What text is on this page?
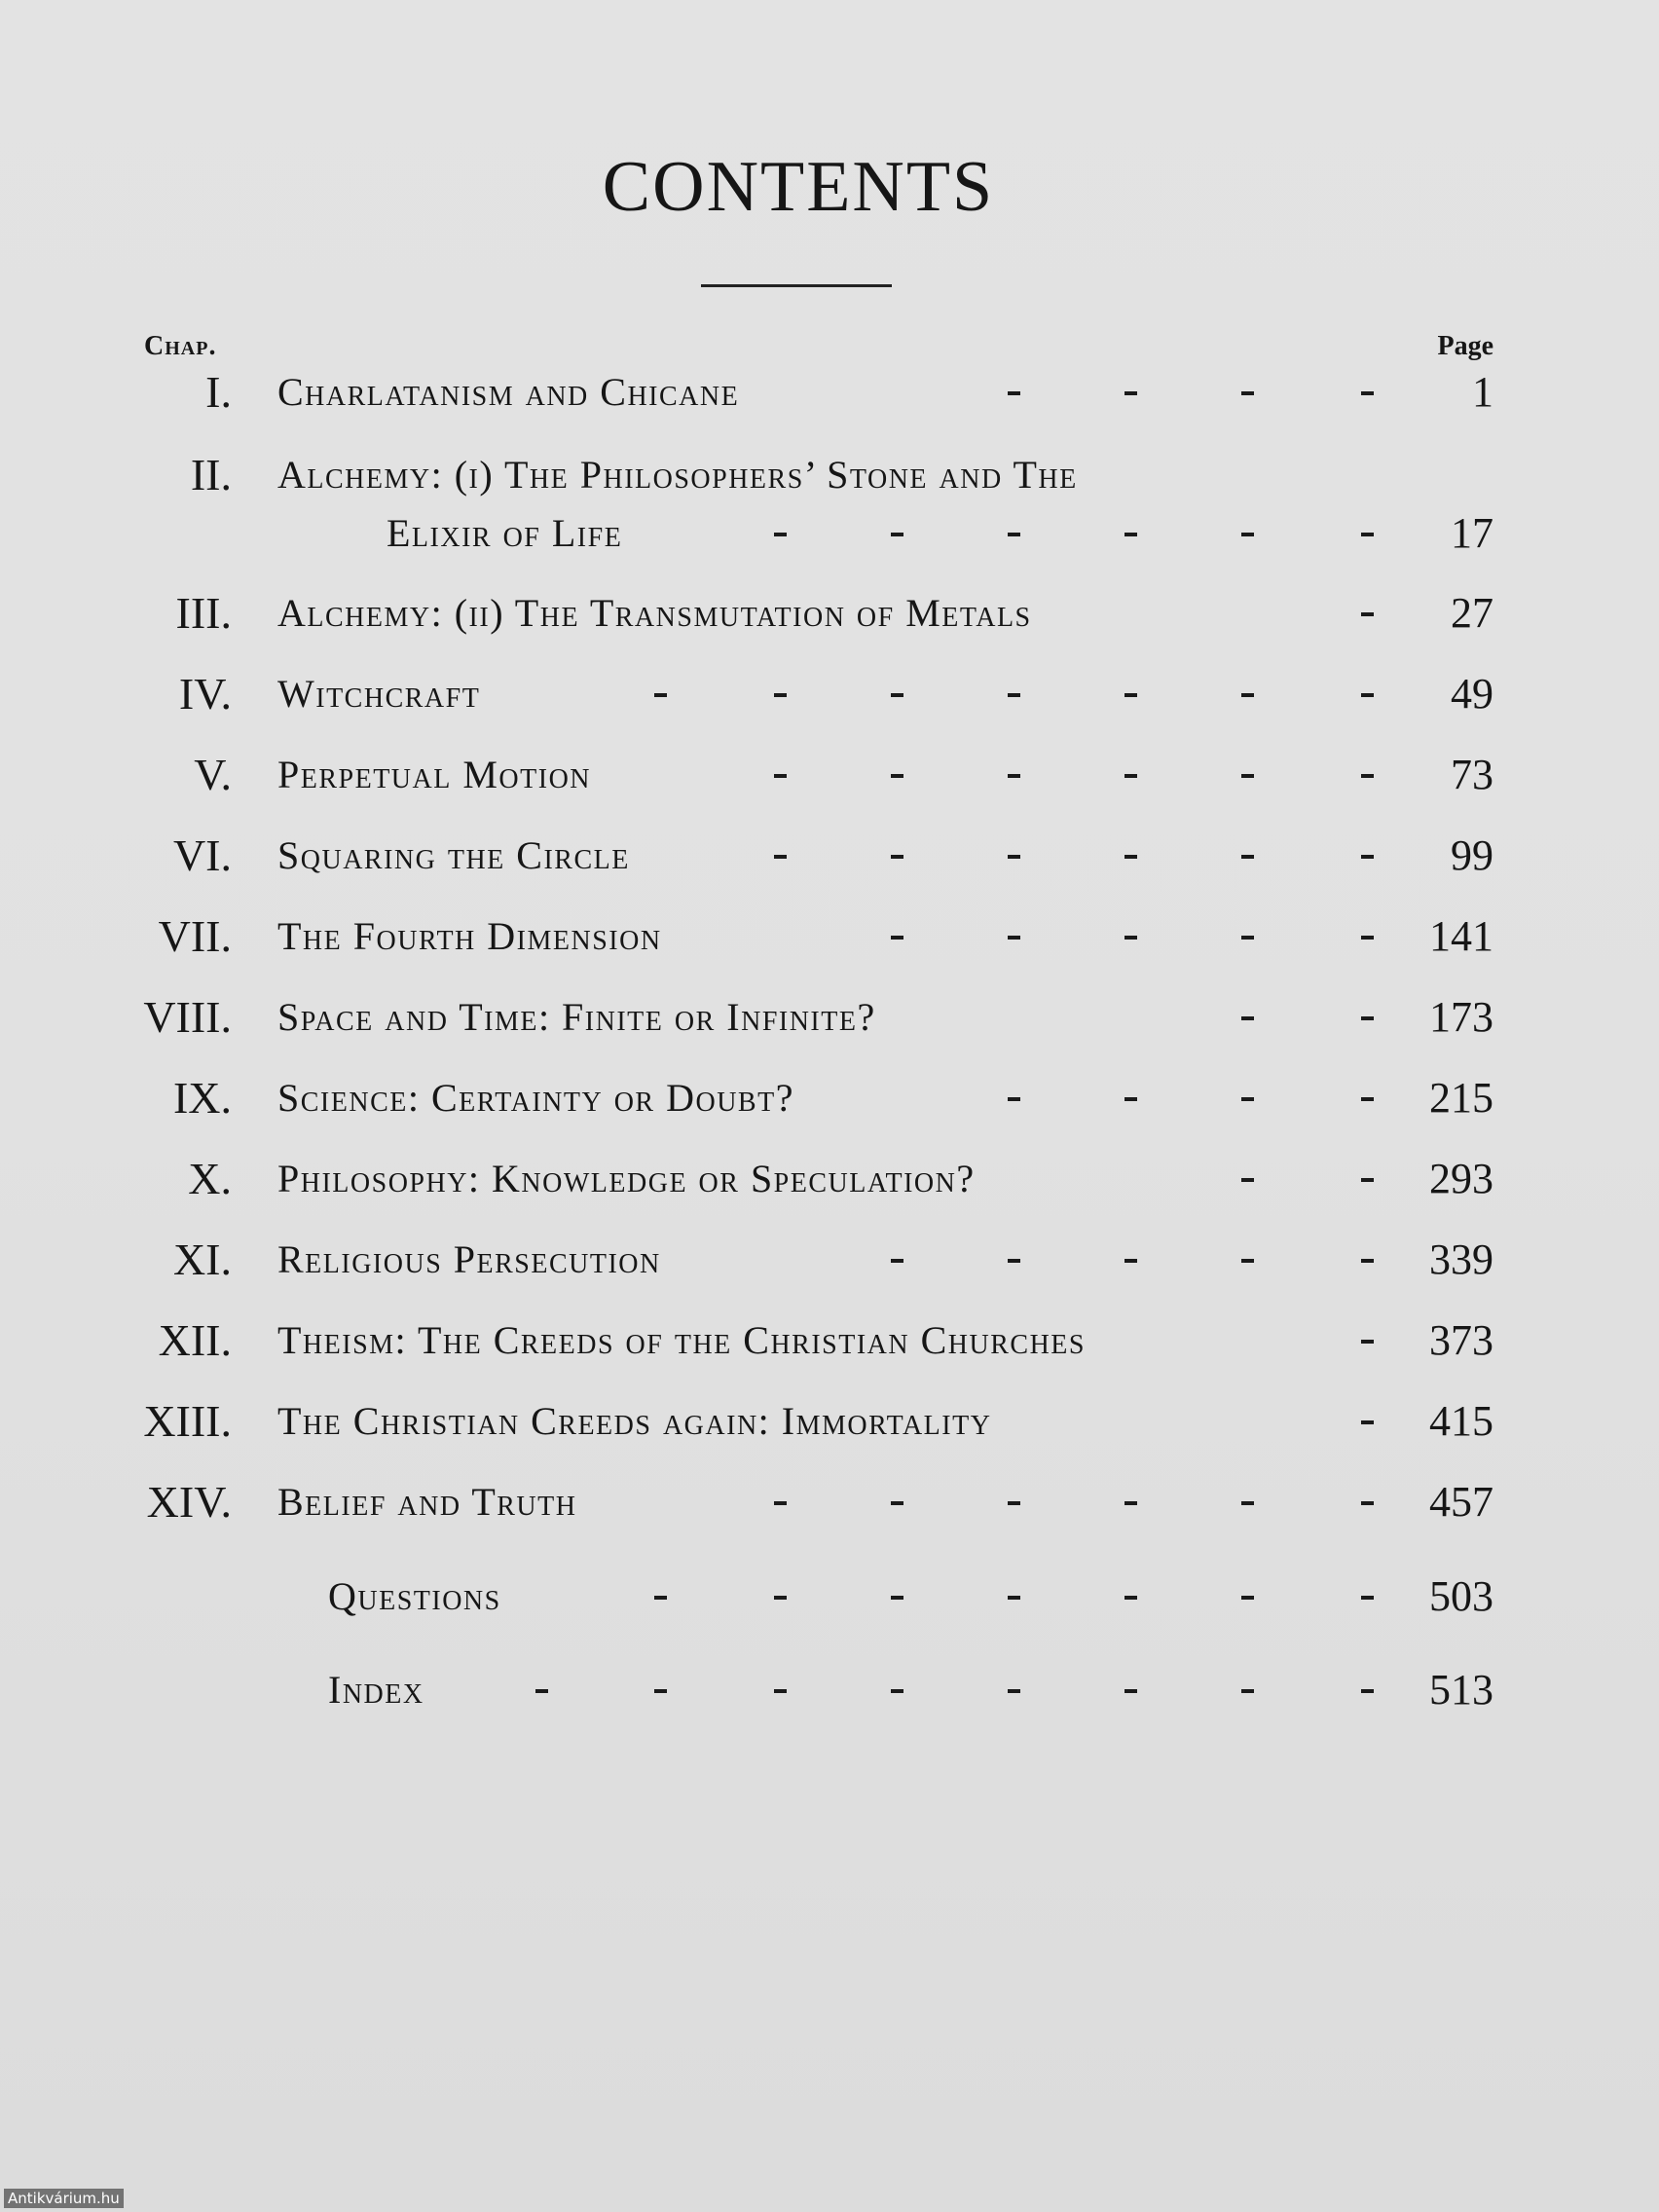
CONTENTS
Chap.	Page
I. Charlatanism and Chicane	1
II. Alchemy: (i) The Philosophers’ Stone and The
Elixir of Life	17
III. Alchemy: (ii) The Transmutation of Metals	27
IV. Witchcraft	49
V. Perpetual Motion	73
VI. Squaring the Circle	99
VII. The Fourth Dimension	141
VIII. Space and Time: Finite or Infinite?	173
IX. Science: Certainty or Doubt?	215
X. Philosophy: Knowledge or Speculation?	293
XI. Religious Persecution	339
XII. Theism: The Creeds of the Christian Churches	373
XIII. The Christian Creeds again: Immortality	415
XIV. Belief and Truth	457
Questions	503
Index	513
Antikvárium.hu
